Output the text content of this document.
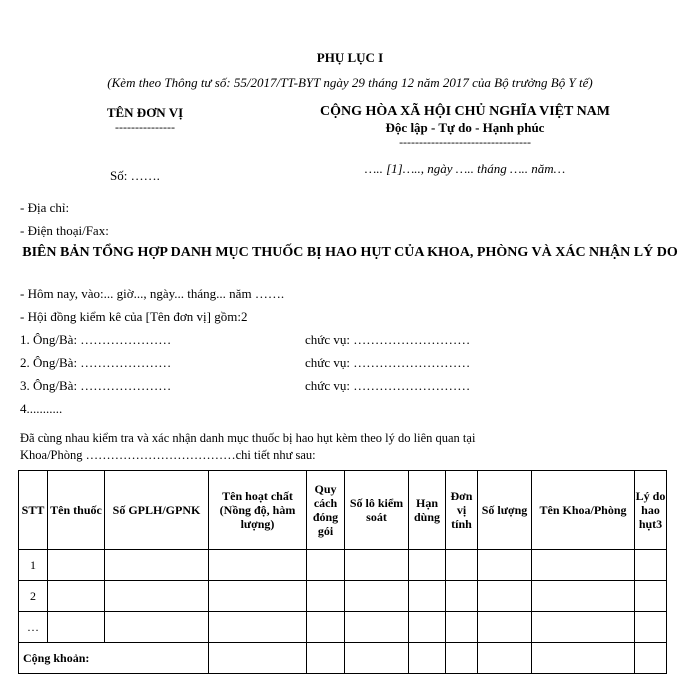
PHỤ LỤC I
(Kèm theo Thông tư số: 55/2017/TT-BYT ngày 29 tháng 12 năm 2017 của Bộ trưởng Bộ Y tế)
TÊN ĐƠN VỊ
---------------
Số: …….
CỘNG HÒA XÃ HỘI CHỦ NGHĨA VIỆT NAM
Độc lập - Tự do - Hạnh phúc
---------------------------------
….. [1]….., ngày ….. tháng ….. năm…
- Địa chỉ:
- Điện thoại/Fax:
BIÊN BẢN TỔNG HỢP DANH MỤC THUỐC BỊ HAO HỤT CỦA KHOA, PHÒNG VÀ XÁC NHẬN LÝ DO
- Hôm nay, vào:... giờ..., ngày... tháng... năm …….
- Hội đồng kiểm kê của [Tên đơn vị] gồm:2
1. Ông/Bà: …………………	chức vụ: ………………………
2. Ông/Bà: …………………	chức vụ: ………………………
3. Ông/Bà: …………………	chức vụ: ………………………
4...........
Đã cùng nhau kiểm tra và xác nhận danh mục thuốc bị hao hụt kèm theo lý do liên quan tại
Khoa/Phòng ………………………………chi tiết như sau:
STT	Tên thuốc	Số GPLH/GPNK	Tên hoạt chất (Nồng độ, hàm lượng)	Quy cách đóng gói	Số lô kiểm soát	Hạn dùng	Đơn vị tính	Số lượng	Tên Khoa/Phòng	Lý do hao hụt3
1										
2										
…										
Cộng khoản:										
